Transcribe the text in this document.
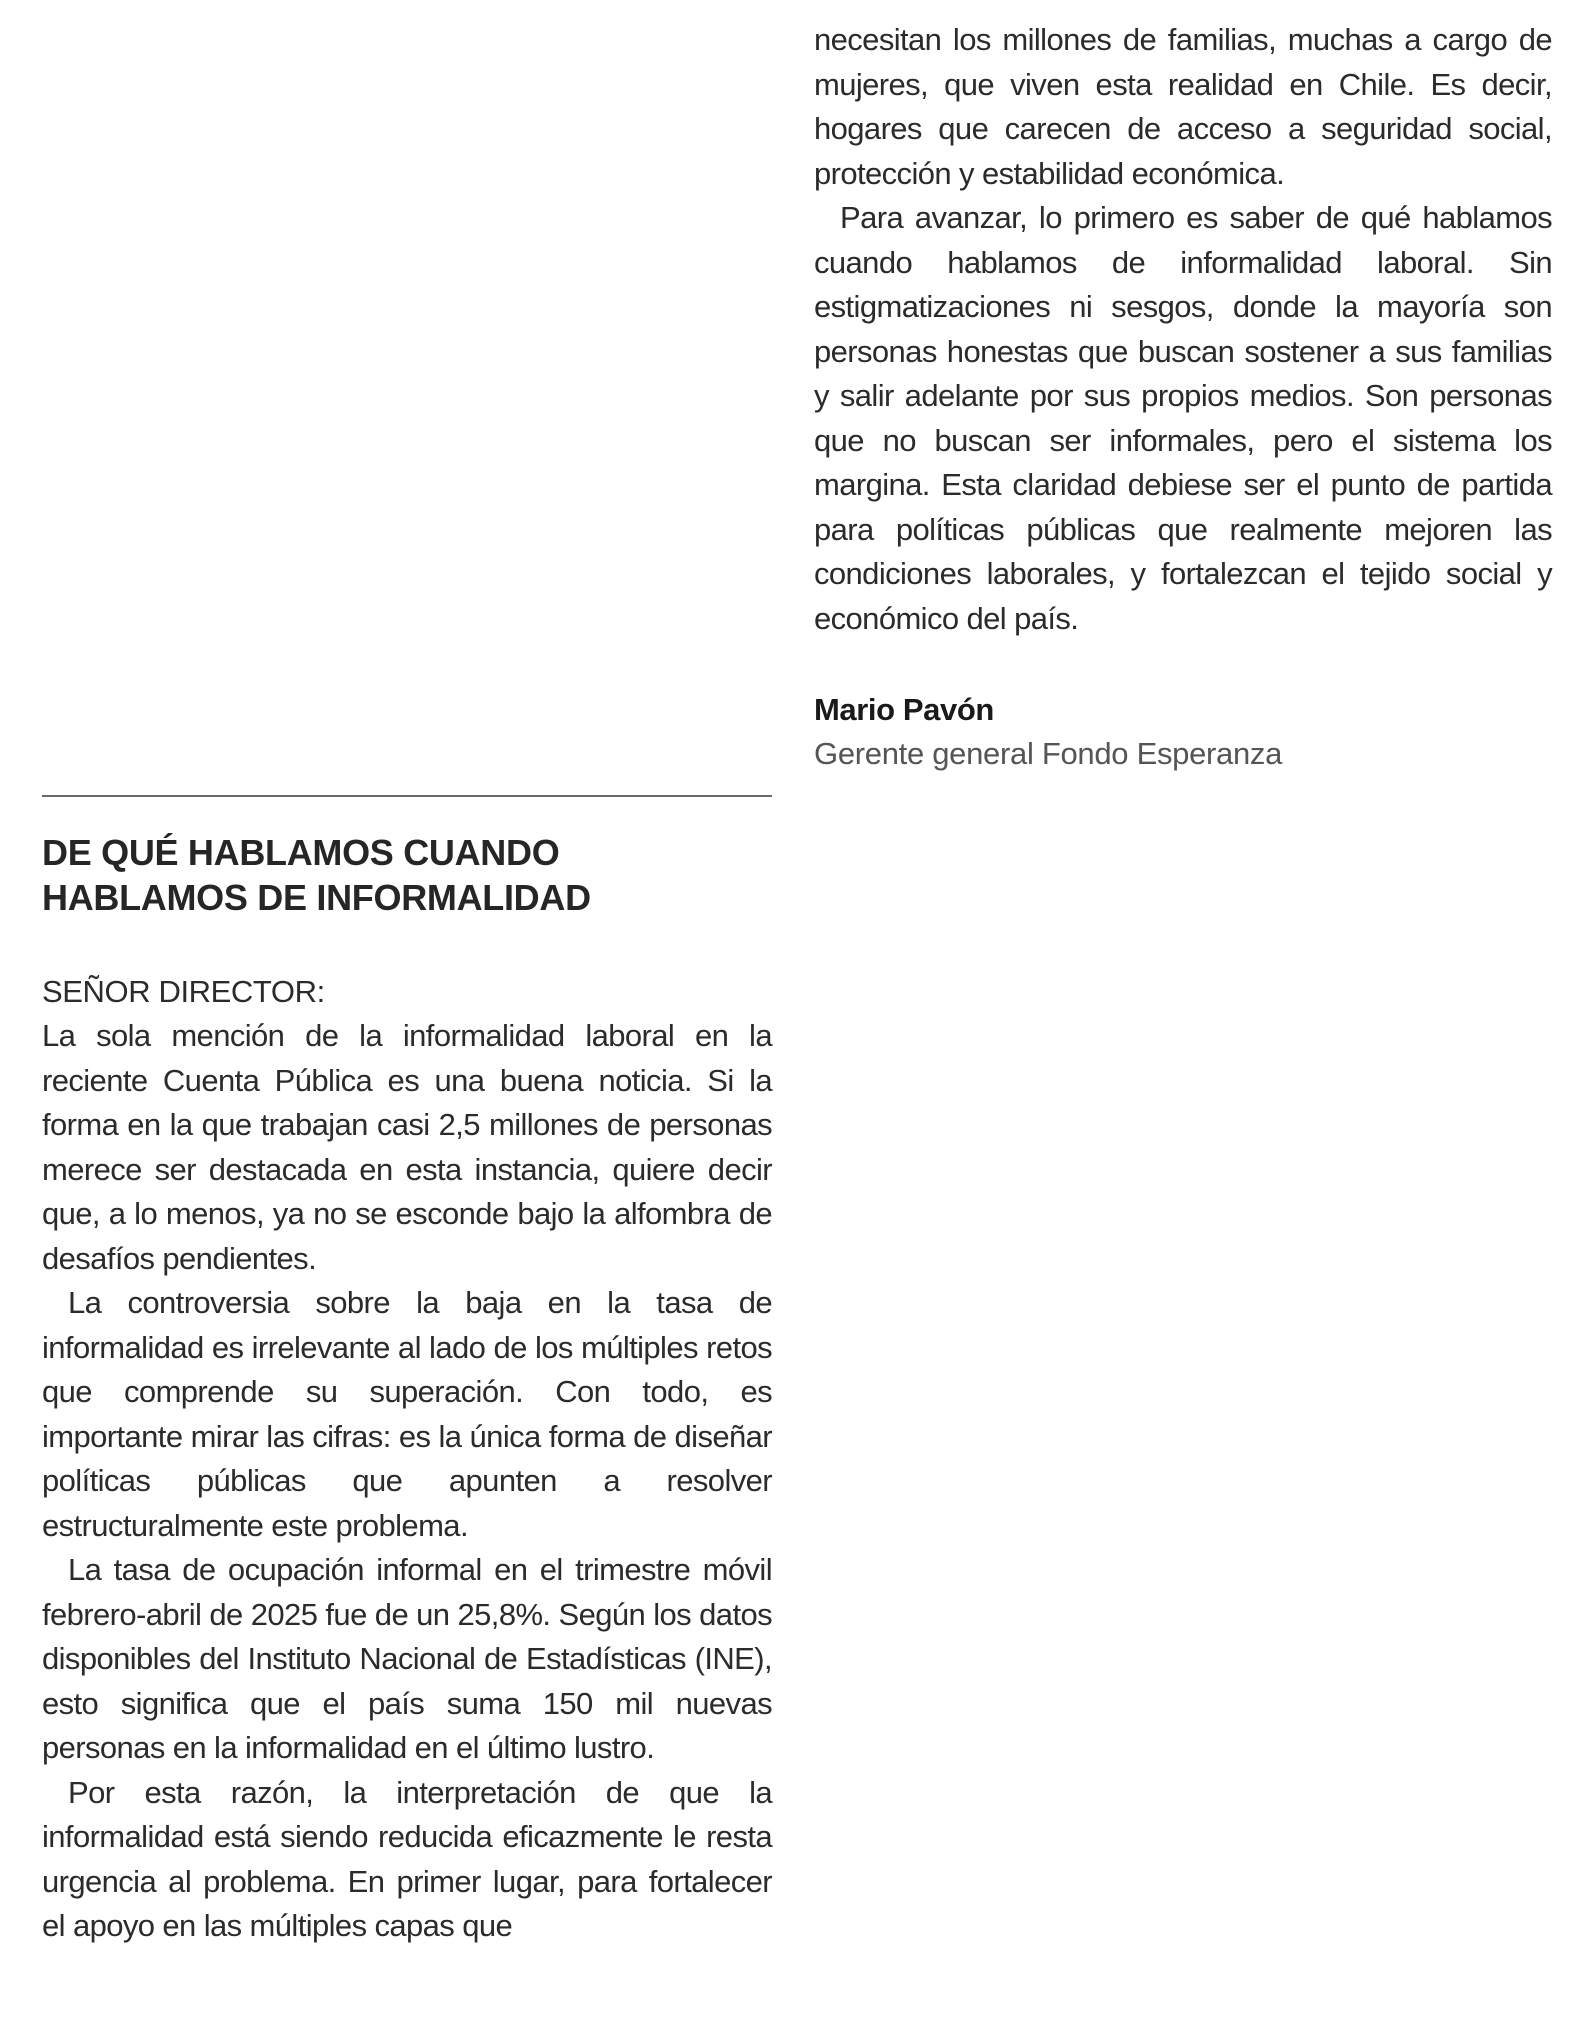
necesitan los millones de familias, muchas a cargo de mujeres, que viven esta realidad en Chile. Es decir, hogares que carecen de acceso a seguridad social, protección y estabilidad económica.

Para avanzar, lo primero es saber de qué hablamos cuando hablamos de informalidad laboral. Sin estigmatizaciones ni sesgos, donde la mayoría son personas honestas que buscan sostener a sus familias y salir adelante por sus propios medios. Son personas que no buscan ser informales, pero el sistema los margina. Esta claridad debiese ser el punto de partida para políticas públicas que realmente mejoren las condiciones laborales, y fortalezcan el tejido social y económico del país.

Mario Pavón
Gerente general Fondo Esperanza
DE QUÉ HABLAMOS CUANDO
HABLAMOS DE INFORMALIDAD

SEÑOR DIRECTOR:

La sola mención de la informalidad laboral en la reciente Cuenta Pública es una buena noticia. Si la forma en la que trabajan casi 2,5 millones de personas merece ser destacada en esta instancia, quiere decir que, a lo menos, ya no se esconde bajo la alfombra de desafíos pendientes.

La controversia sobre la baja en la tasa de informalidad es irrelevante al lado de los múltiples retos que comprende su superación. Con todo, es importante mirar las cifras: es la única forma de diseñar políticas públicas que apunten a resolver estructuralmente este problema.

La tasa de ocupación informal en el trimestre móvil febrero-abril de 2025 fue de un 25,8%. Según los datos disponibles del Instituto Nacional de Estadísticas (INE), esto significa que el país suma 150 mil nuevas personas en la informalidad en el último lustro.

Por esta razón, la interpretación de que la informalidad está siendo reducida eficazmente le resta urgencia al problema. En primer lugar, para fortalecer el apoyo en las múltiples capas que
